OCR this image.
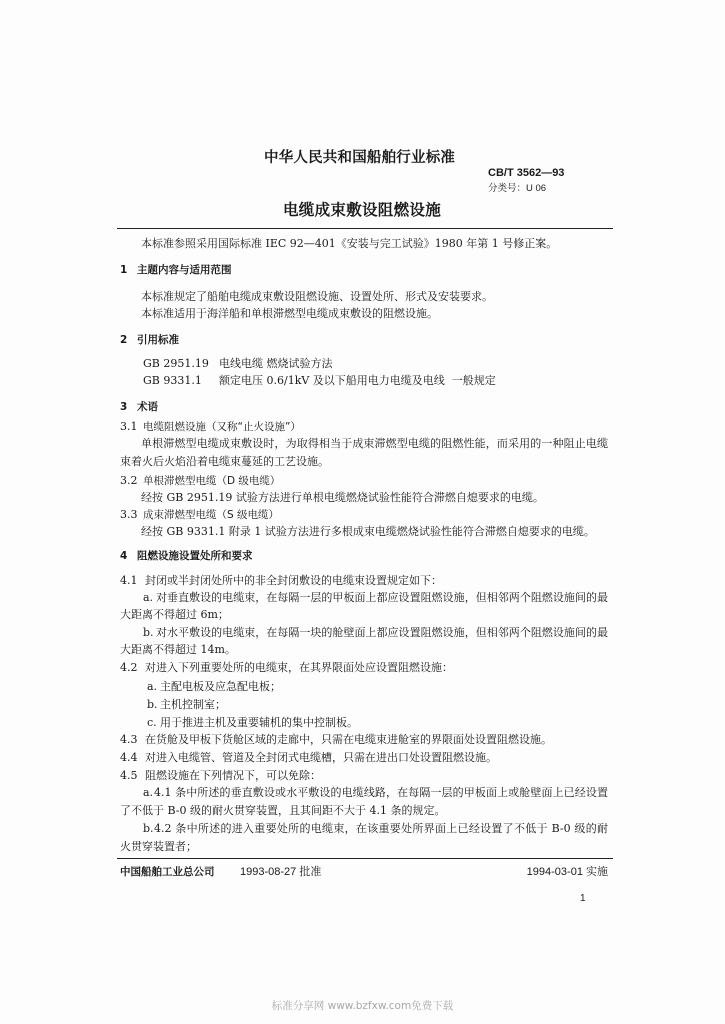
中华人民共和国船舶行业标准
CB/T 3562—93
分类号：U 06
电缆成束敷设阻燃设施
本标准参照采用国际标准 IEC 92—401《安装与完工试验》1980 年第 1 号修正案。
1 主题内容与适用范围
本标准规定了船舶电缆成束敷设阻燃设施、设置处所、形式及安装要求。
本标准适用于海洋船和单根滞燃型电缆成束敷设的阻燃设施。
2 引用标准
GB 2951.19 电线电缆 燃烧试验方法
GB 9331.1 额定电压 0.6/1kV 及以下船用电力电缆及电线  一般规定
3 术语
3.1 电缆阻燃设施（又称“止火设施”）
单根滞燃型电缆成束敷设时，为取得相当于成束滞燃型电缆的阻燃性能，而采用的一种阻止电缆
束着火后火焰沿着电缆束蔓延的工艺设施。
3.2 单根滞燃型电缆（D 级电缆）
经按 GB 2951.19 试验方法进行单根电缆燃烧试验性能符合滞燃自熄要求的电缆。
3.3 成束滞燃型电缆（S 级电缆）
经按 GB 9331.1 附录 1 试验方法进行多根成束电缆燃烧试验性能符合滞燃自熄要求的电缆。
4 阻燃设施设置处所和要求
4.1 封闭或半封闭处所中的非全封闭敷设的电缆束设置规定如下：
a. 对垂直敷设的电缆束，在每隔一层的甲板面上都应设置阻燃设施，但相邻两个阻燃设施间的最
大距离不得超过 6m；
b. 对水平敷设的电缆束，在每隔一块的舱壁面上都应设置阻燃设施，但相邻两个阻燃设施间的最
大距离不得超过 14m。
4.2 对进入下列重要处所的电缆束，在其界限面处应设置阻燃设施：
a. 主配电板及应急配电板；
b. 主机控制室；
c. 用于推进主机及重要辅机的集中控制板。
4.3 在货舱及甲板下货舱区域的走廊中，只需在电缆束进舱室的界限面处设置阻燃设施。
4.4 对进入电缆管、管道及全封闭式电缆槽，只需在进出口处设置阻燃设施。
4.5 阻燃设施在下列情况下，可以免除：
a.4.1 条中所述的垂直敷设或水平敷设的电缆线路，在每隔一层的甲板面上或舱壁面上已经设置
了不低于 B-0 级的耐火贯穿装置，且其间距不大于 4.1 条的规定。
b.4.2 条中所述的进入重要处所的电缆束，在该重要处所界面上已经设置了不低于 B-0 级的耐
火贯穿装置者；
中国船舶工业总公司 1993-08-27 批准	1994-03-01 实施
1
标准分享网 www.bzfxw.com免费下载
